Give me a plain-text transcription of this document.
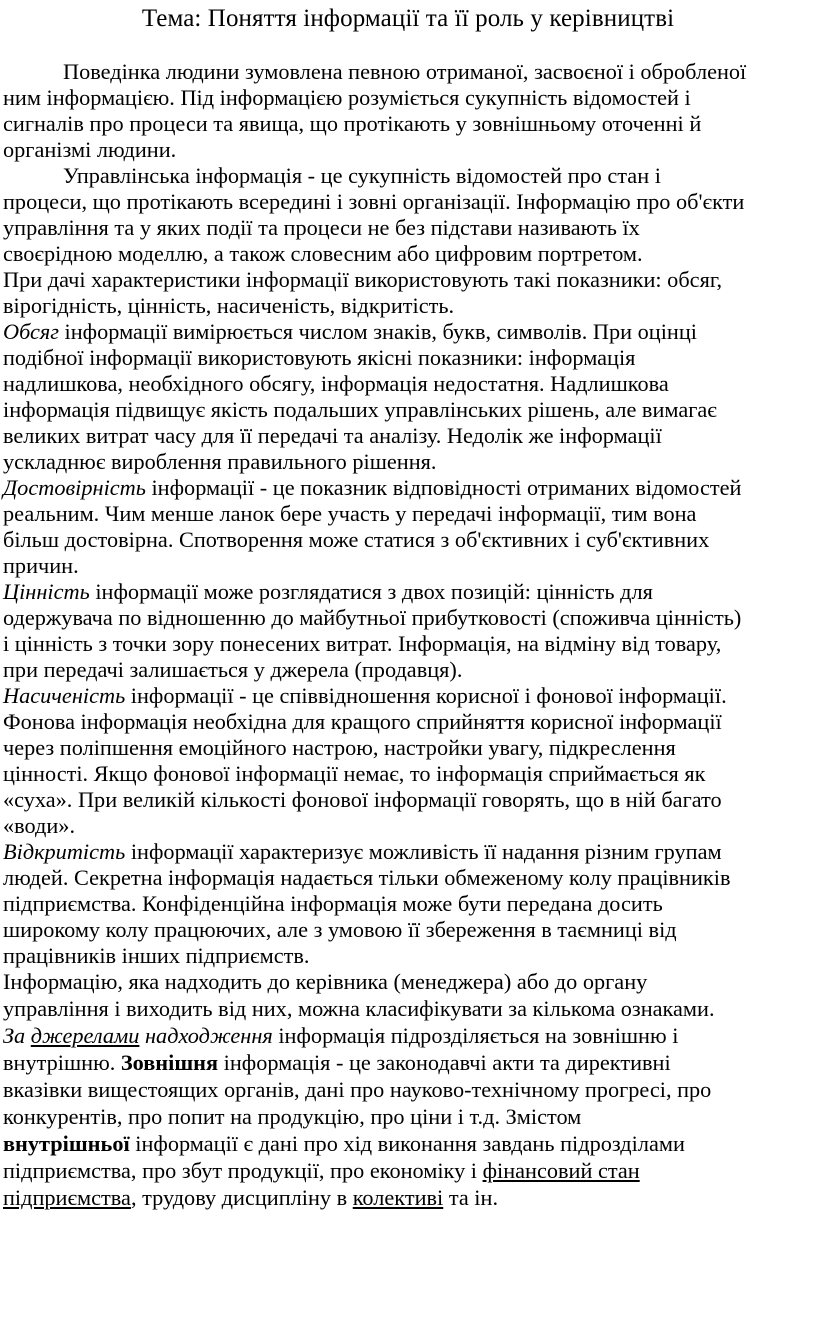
Тема: Поняття інформації та її роль у керівництві
Поведінка людини зумовлена певною отриманої, засвоєної і обробленої
ним інформацією. Під інформацією розуміється сукупність відомостей і
сигналів про процеси та явища, що протікають у зовнішньому оточенні й
організмі людини.
Управлінська інформація - це сукупність відомостей про стан і
процеси, що протікають всередині і зовні організації. Інформацію про об'єкти
управління та у яких події та процеси не без підстави називають їх
своєрідною моделлю, а також словесним або цифровим портретом.
При дачі характеристики інформації використовують такі показники: обсяг,
вірогідність, цінність, насиченість, відкритість.
Обсяг інформації вимірюється числом знаків, букв, символів. При оцінці
подібної інформації використовують якісні показники: інформація
надлишкова, необхідного обсягу, інформація недостатня. Надлишкова
інформація підвищує якість подальших управлінських рішень, але вимагає
великих витрат часу для її передачі та аналізу. Недолік же інформації
ускладнює вироблення правильного рішення.
Достовірність інформації - це показник відповідності отриманих відомостей
реальним. Чим менше ланок бере участь у передачі інформації, тим вона
більш достовірна. Спотворення може статися з об'єктивних і суб'єктивних
причин.
Цінність інформації може розглядатися з двох позицій: цінність для
одержувача по відношенню до майбутньої прибутковості (споживча цінність)
і цінність з точки зору понесених витрат. Інформація, на відміну від товару,
при передачі залишається у джерела (продавця).
Насиченість інформації - це співвідношення корисної і фонової інформації.
Фонова інформація необхідна для кращого сприйняття корисної інформації
через поліпшення емоційного настрою, настройки увагу, підкреслення
цінності. Якщо фонової інформації немає, то інформація сприймається як
«суха». При великій кількості фонової інформації говорять, що в ній багато
«води».
Відкритість інформації характеризує можливість її надання різним групам
людей. Секретна інформація надається тільки обмеженому колу працівників
підприємства. Конфіденційна інформація може бути передана досить
широкому колу працюючих, але з умовою її збереження в таємниці від
працівників інших підприємств.
Інформацію, яка надходить до керівника (менеджера) або до органу
управління і виходить від них, можна класифікувати за кількома ознаками.
За джерелами надходження інформація підрозділяється на зовнішню і
внутрішню. Зовнішня інформація - це законодавчі акти та директивні
вказівки вищестоящих органів, дані про науково-технічному прогресі, про
конкурентів, про попит на продукцію, про ціни і т.д. Змістом
внутрішньої інформації є дані про хід виконання завдань підрозділами
підприємства, про збут продукції, про економіку і фінансовий стан
підприємства, трудову дисципліну в колективі та ін.
